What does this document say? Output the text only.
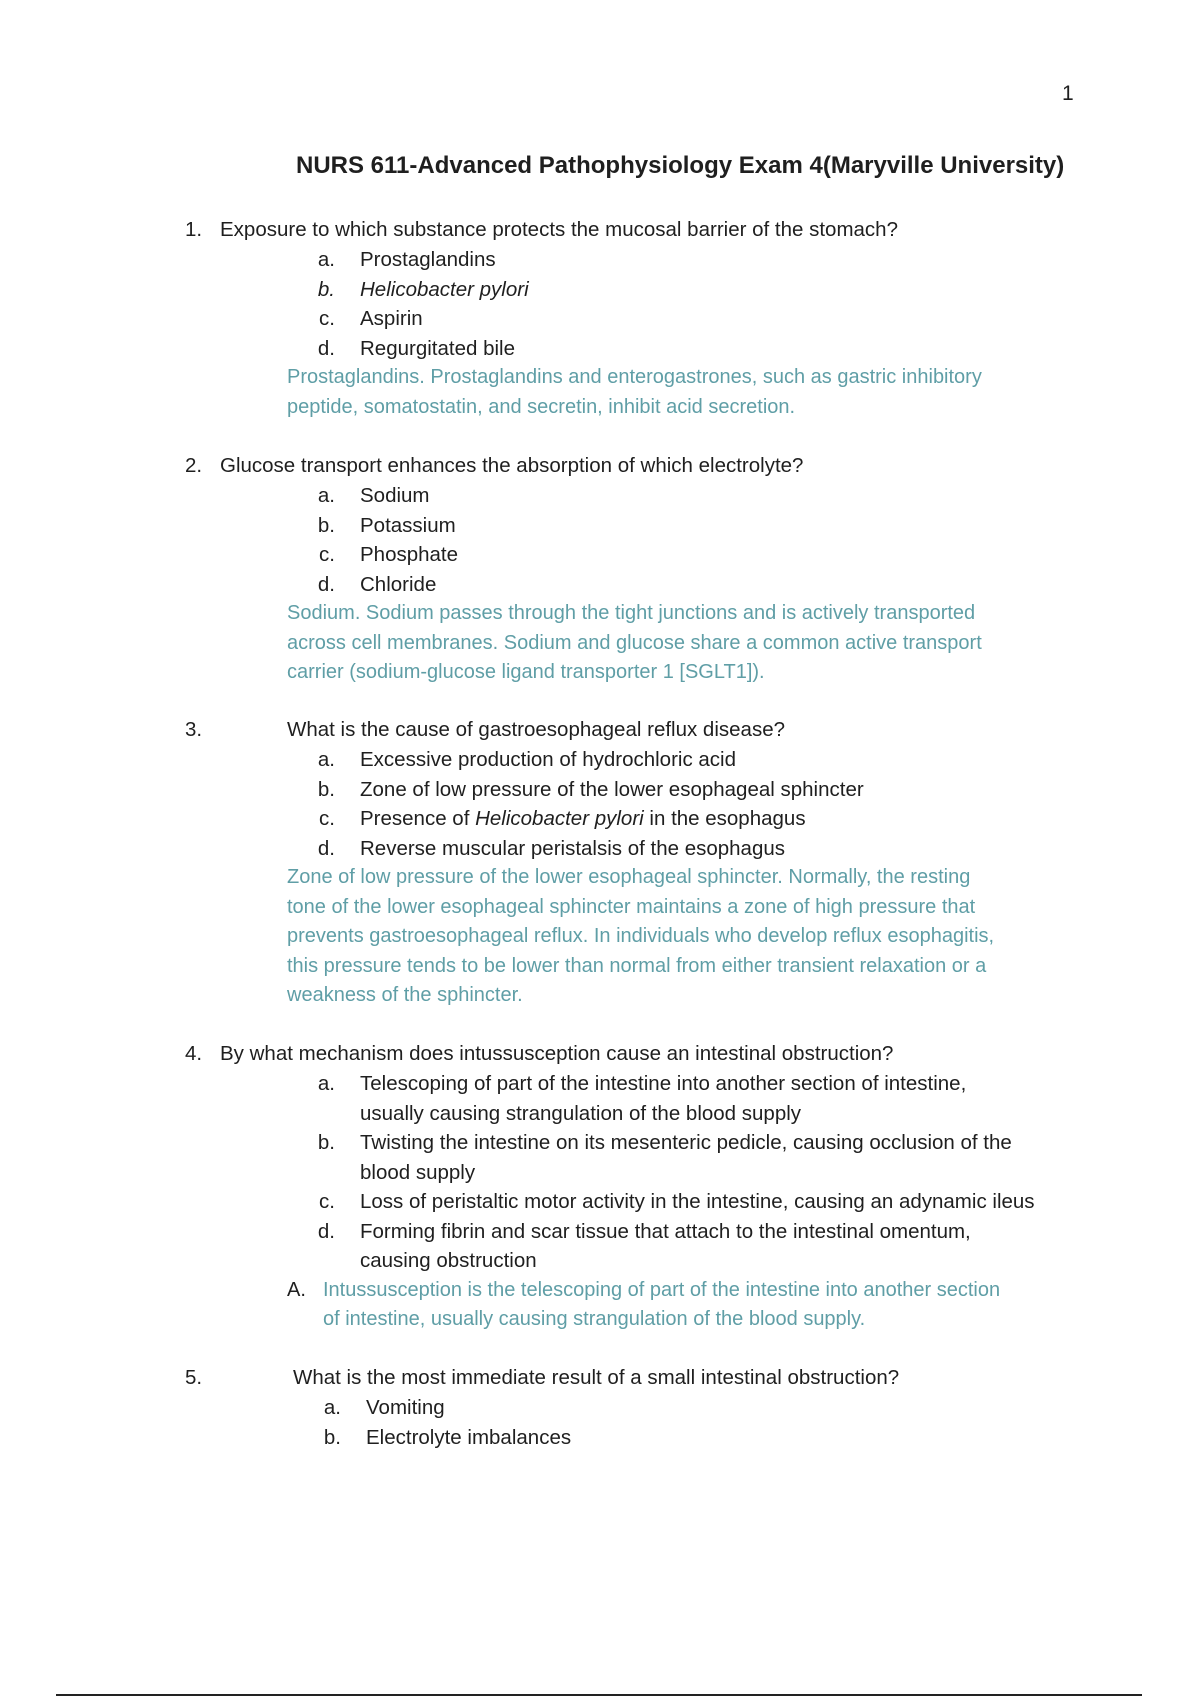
1
NURS 611-Advanced Pathophysiology Exam 4(Maryville University)
1. Exposure to which substance protects the mucosal barrier of the stomach?
a. Prostaglandins
b. Helicobacter pylori
c. Aspirin
d. Regurgitated bile
Prostaglandins. Prostaglandins and enterogastrones, such as gastric inhibitory
peptide, somatostatin, and secretin, inhibit acid secretion.
2. Glucose transport enhances the absorption of which electrolyte?
a. Sodium
b. Potassium
c. Phosphate
d. Chloride
Sodium. Sodium passes through the tight junctions and is actively transported
across cell membranes. Sodium and glucose share a common active transport
carrier (sodium-glucose ligand transporter 1 [SGLT1]).
3.	What is the cause of gastroesophageal reflux disease?
a. Excessive production of hydrochloric acid
b. Zone of low pressure of the lower esophageal sphincter
c. Presence of Helicobacter pylori in the esophagus
d. Reverse muscular peristalsis of the esophagus
Zone of low pressure of the lower esophageal sphincter. Normally, the resting
tone of the lower esophageal sphincter maintains a zone of high pressure that
prevents gastroesophageal reflux. In individuals who develop reflux esophagitis,
this pressure tends to be lower than normal from either transient relaxation or a
weakness of the sphincter.
4. By what mechanism does intussusception cause an intestinal obstruction?
a. Telescoping of part of the intestine into another section of intestine,
usually causing strangulation of the blood supply
b. Twisting the intestine on its mesenteric pedicle, causing occlusion of the
blood supply
c. Loss of peristaltic motor activity in the intestine, causing an adynamic ileus
d. Forming fibrin and scar tissue that attach to the intestinal omentum,
causing obstruction
A. Intussusception is the telescoping of part of the intestine into another section
of intestine, usually causing strangulation of the blood supply.
5.	What is the most immediate result of a small intestinal obstruction?
a. Vomiting
b. Electrolyte imbalances
